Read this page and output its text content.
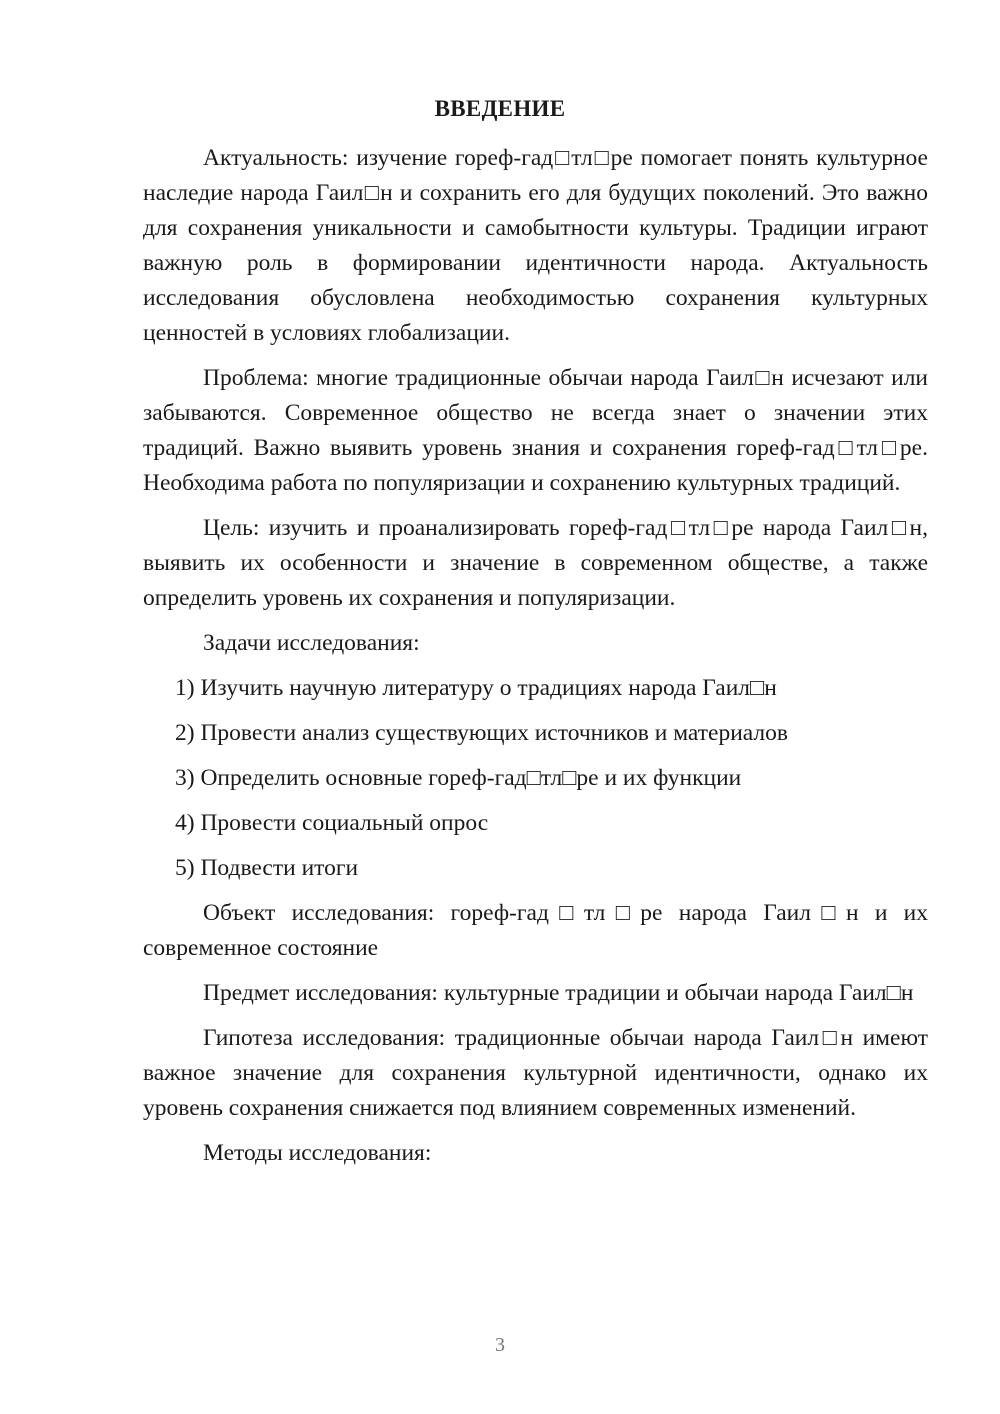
ВВЕДЕНИЕ

Актуальность: изучение гореф-гад□тл□ре помогает понять культурное наследие народа Гаил□н и сохранить его для будущих поколений. Это важно для сохранения уникальности и самобытности культуры. Традиции играют важную роль в формировании идентичности народа. Актуальность исследования обусловлена необходимостью сохранения культурных ценностей в условиях глобализации.

Проблема: многие традиционные обычаи народа Гаил□н исчезают или забываются. Современное общество не всегда знает о значении этих традиций. Важно выявить уровень знания и сохранения гореф-гад□тл□ре. Необходима работа по популяризации и сохранению культурных традиций.

Цель: изучить и проанализировать гореф-гад□тл□ре народа Гаил□н, выявить их особенности и значение в современном обществе, а также определить уровень их сохранения и популяризации.

Задачи исследования:

1) Изучить научную литературу о традициях народа Гаил□н

2) Провести анализ существующих источников и материалов

3) Определить основные гореф-гад□тл□ре и их функции

4) Провести социальный опрос

5) Подвести итоги

Объект исследования: гореф-гад□тл□ре народа Гаил□н и их современное состояние

Предмет исследования: культурные традиции и обычаи народа Гаил□н

Гипотеза исследования: традиционные обычаи народа Гаил□н имеют важное значение для сохранения культурной идентичности, однако их уровень сохранения снижается под влиянием современных изменений.

Методы исследования:

3
